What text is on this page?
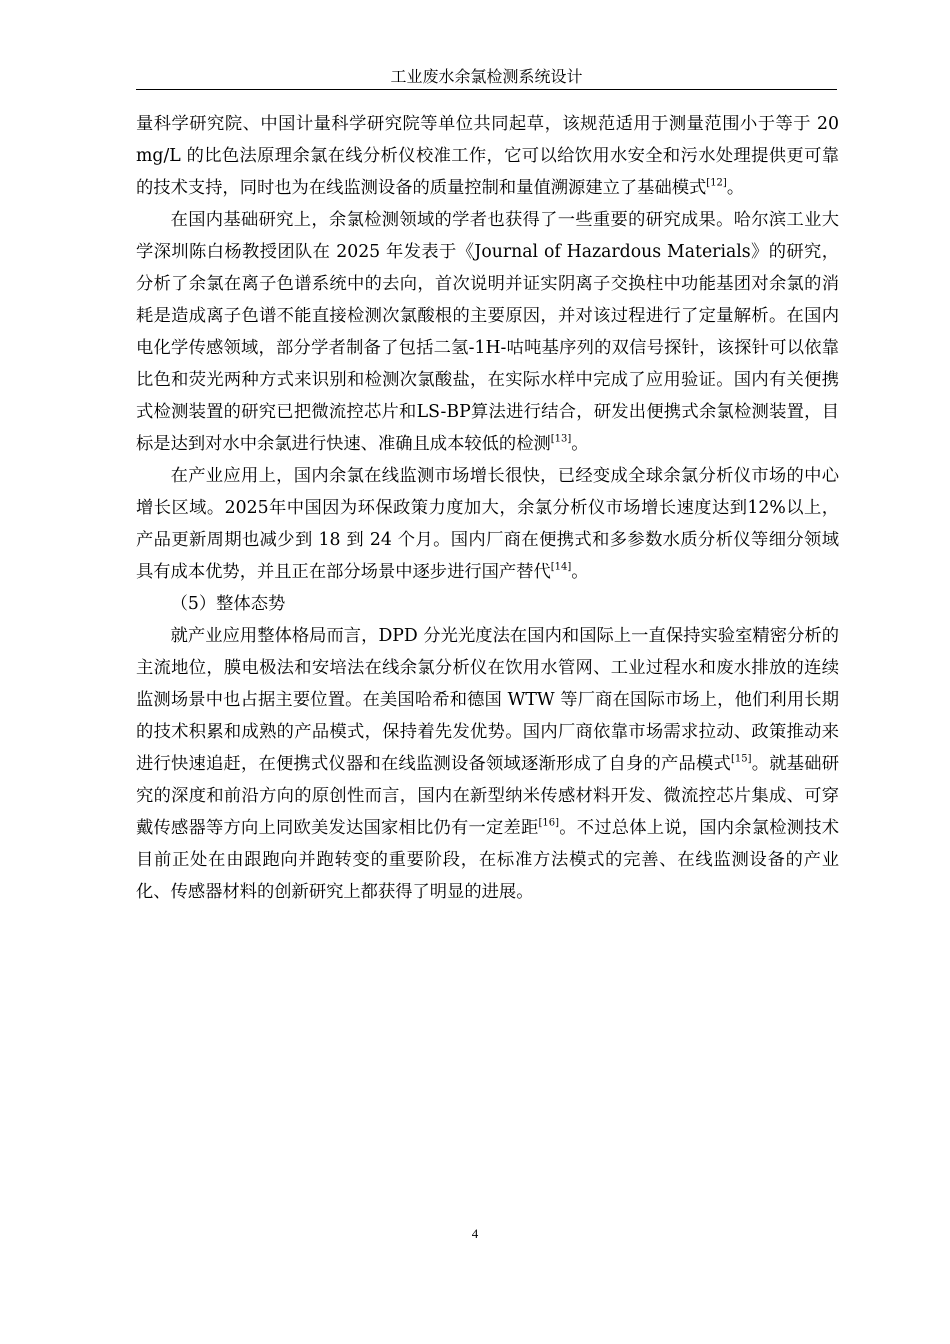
工业废水余氯检测系统设计

量科学研究院、中国计量科学研究院等单位共同起草，该规范适用于测量范围小于等于 20 mg/L 的比色法原理余氯在线分析仪校准工作，它可以给饮用水安全和污水处理提供更可靠的技术支持，同时也为在线监测设备的质量控制和量值溯源建立了基础模式[12]。

在国内基础研究上，余氯检测领域的学者也获得了一些重要的研究成果。哈尔滨工业大学深圳陈白杨教授团队在 2025 年发表于《Journal of Hazardous Materials》的研究，分析了余氯在离子色谱系统中的去向，首次说明并证实阴离子交换柱中功能基团对余氯的消耗是造成离子色谱不能直接检测次氯酸根的主要原因，并对该过程进行了定量解析。在国内电化学传感领域，部分学者制备了包括二氢-1H-咕吨基序列的双信号探针，该探针可以依靠比色和荧光两种方式来识别和检测次氯酸盐，在实际水样中完成了应用验证。国内有关便携式检测装置的研究已把微流控芯片和LS-BP算法进行结合，研发出便携式余氯检测装置，目标是达到对水中余氯进行快速、准确且成本较低的检测[13]。

在产业应用上，国内余氯在线监测市场增长很快，已经变成全球余氯分析仪市场的中心增长区域。2025年中国因为环保政策力度加大，余氯分析仪市场增长速度达到12%以上，产品更新周期也减少到 18 到 24 个月。国内厂商在便携式和多参数水质分析仪等细分领域具有成本优势，并且正在部分场景中逐步进行国产替代[14]。

（5）整体态势

就产业应用整体格局而言，DPD 分光光度法在国内和国际上一直保持实验室精密分析的主流地位，膜电极法和安培法在线余氯分析仪在饮用水管网、工业过程水和废水排放的连续监测场景中也占据主要位置。在美国哈希和德国 WTW 等厂商在国际市场上，他们利用长期的技术积累和成熟的产品模式，保持着先发优势。国内厂商依靠市场需求拉动、政策推动来进行快速追赶，在便携式仪器和在线监测设备领域逐渐形成了自身的产品模式[15]。就基础研究的深度和前沿方向的原创性而言，国内在新型纳米传感材料开发、微流控芯片集成、可穿戴传感器等方向上同欧美发达国家相比仍有一定差距[16]。不过总体上说，国内余氯检测技术目前正处在由跟跑向并跑转变的重要阶段，在标准方法模式的完善、在线监测设备的产业化、传感器材料的创新研究上都获得了明显的进展。

4
